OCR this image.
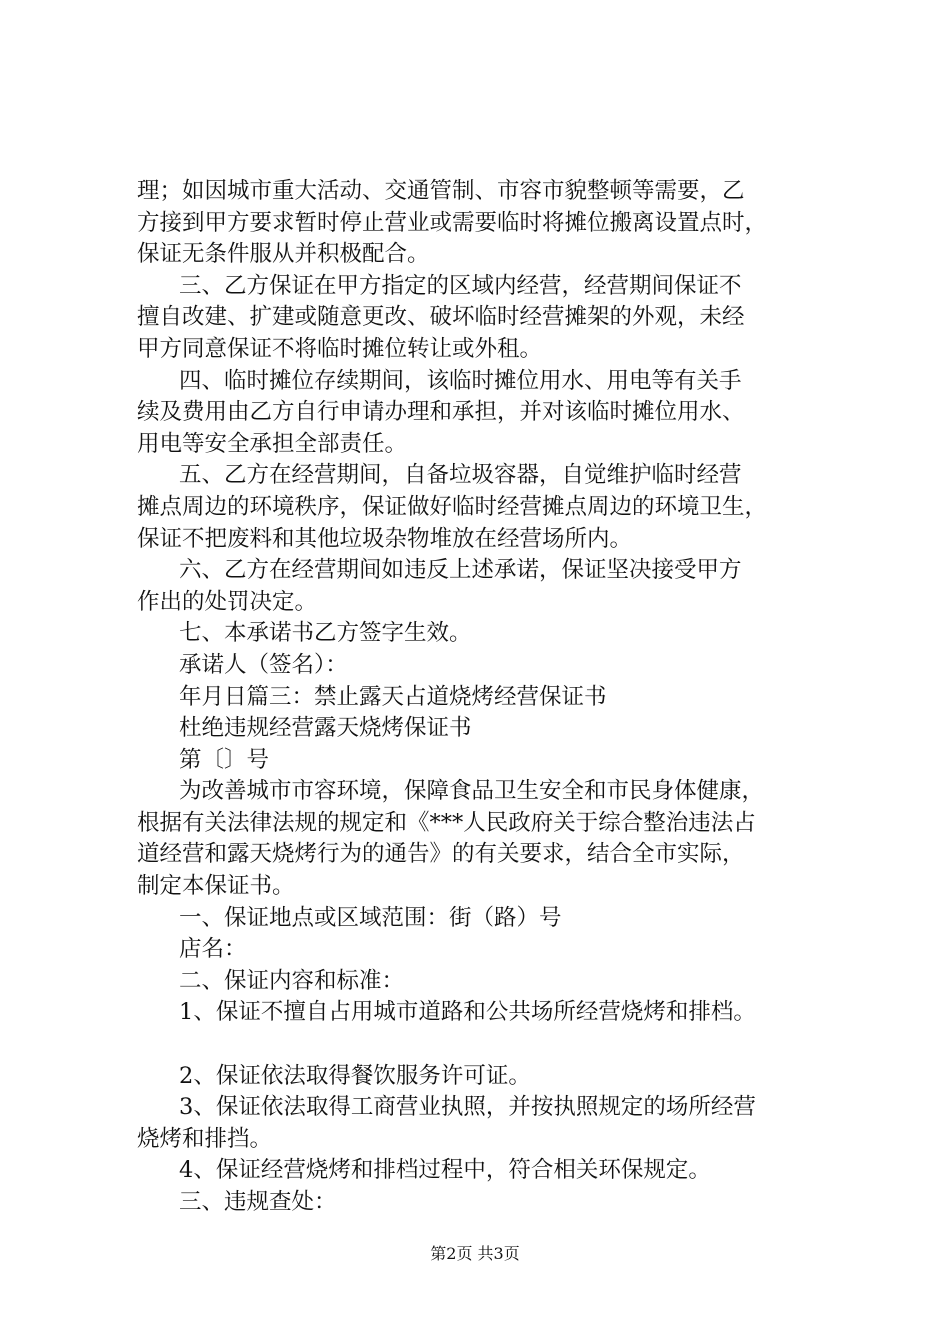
理；如因城市重大活动、交通管制、市容市貌整顿等需要，乙
方接到甲方要求暂时停止营业或需要临时将摊位搬离设置点时，
保证无条件服从并积极配合。
三、乙方保证在甲方指定的区域内经营，经营期间保证不
擅自改建、扩建或随意更改、破坏临时经营摊架的外观，未经
甲方同意保证不将临时摊位转让或外租。
四、临时摊位存续期间，该临时摊位用水、用电等有关手
续及费用由乙方自行申请办理和承担，并对该临时摊位用水、
用电等安全承担全部责任。
五、乙方在经营期间，自备垃圾容器，自觉维护临时经营
摊点周边的环境秩序，保证做好临时经营摊点周边的环境卫生，
保证不把废料和其他垃圾杂物堆放在经营场所内。
六、乙方在经营期间如违反上述承诺，保证坚决接受甲方
作出的处罚决定。
七、本承诺书乙方签字生效。
承诺人（签名）：
年月日篇三：禁止露天占道烧烤经营保证书
杜绝违规经营露天烧烤保证书
第〔〕号
为改善城市市容环境，保障食品卫生安全和市民身体健康，
根据有关法律法规的规定和《***人民政府关于综合整治违法占
道经营和露天烧烤行为的通告》的有关要求，结合全市实际，
制定本保证书。
一、保证地点或区域范围：街（路）号
店名：
二、保证内容和标准：
1、保证不擅自占用城市道路和公共场所经营烧烤和排档。
2、保证依法取得餐饮服务许可证。
3、保证依法取得工商营业执照，并按执照规定的场所经营
烧烤和排挡。
4、保证经营烧烤和排档过程中，符合相关环保规定。
三、违规查处：
第2页 共3页
